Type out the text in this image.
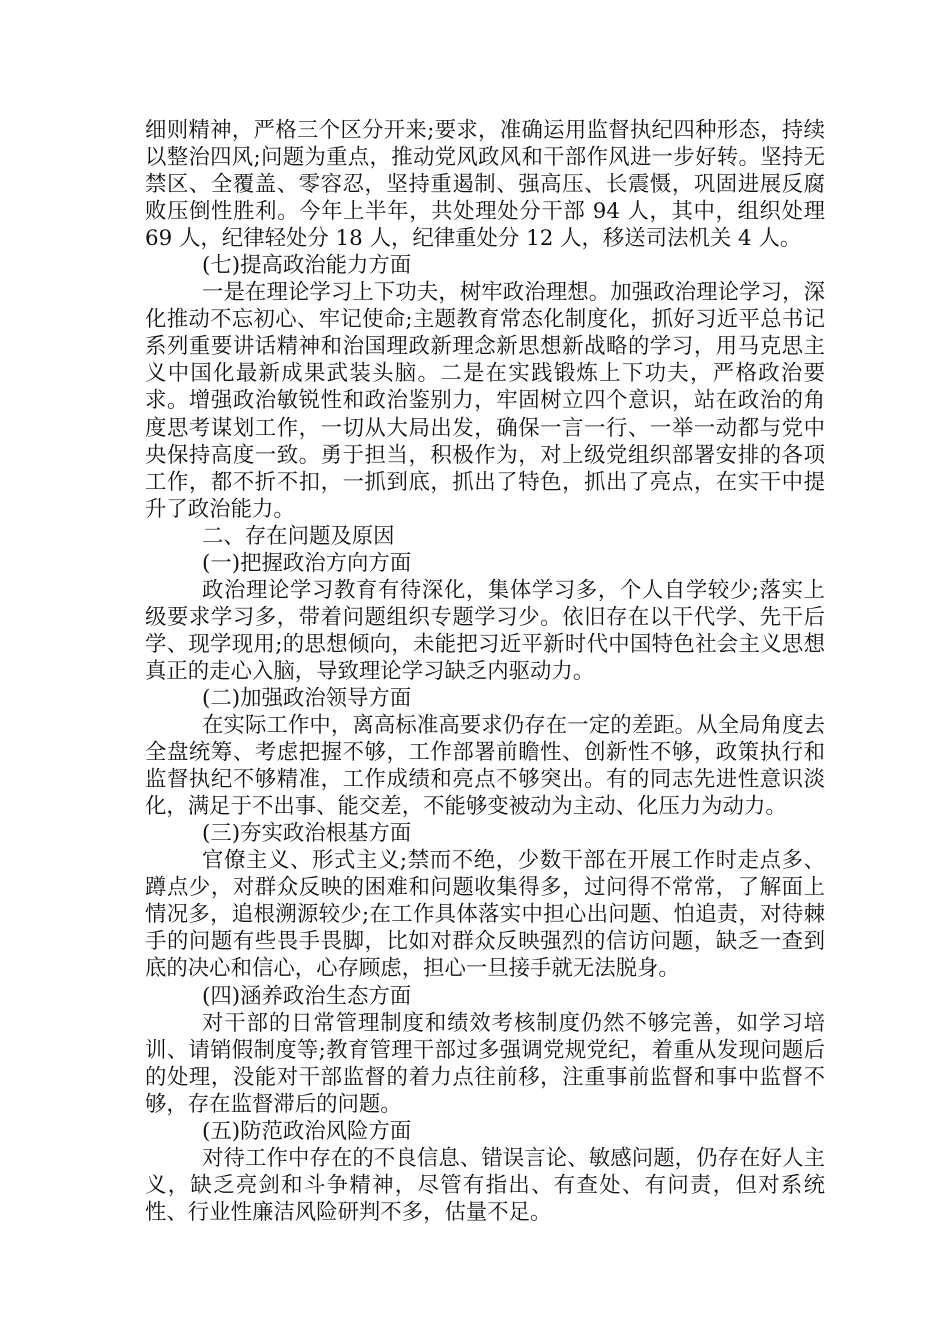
细则精神，严格三个区分开来;要求，准确运用监督执纪四种形态，持续以整治四风;问题为重点，推动党风政风和干部作风进一步好转。坚持无禁区、全覆盖、零容忍，坚持重遏制、强高压、长震慑，巩固进展反腐败压倒性胜利。今年上半年，共处理处分干部 94 人，其中，组织处理 69 人，纪律轻处分 18 人，纪律重处分 12 人，移送司法机关 4 人。

(七)提高政治能力方面

一是在理论学习上下功夫，树牢政治理想。加强政治理论学习，深化推动不忘初心、牢记使命;主题教育常态化制度化，抓好习近平总书记系列重要讲话精神和治国理政新理念新思想新战略的学习，用马克思主义中国化最新成果武装头脑。二是在实践锻炼上下功夫，严格政治要求。增强政治敏锐性和政治鉴别力，牢固树立四个意识，站在政治的角度思考谋划工作，一切从大局出发，确保一言一行、一举一动都与党中央保持高度一致。勇于担当，积极作为，对上级党组织部署安排的各项工作，都不折不扣，一抓到底，抓出了特色，抓出了亮点，在实干中提升了政治能力。

二、存在问题及原因

(一)把握政治方向方面

政治理论学习教育有待深化，集体学习多，个人自学较少;落实上级要求学习多，带着问题组织专题学习少。依旧存在以干代学、先干后学、现学现用;的思想倾向，未能把习近平新时代中国特色社会主义思想真正的走心入脑，导致理论学习缺乏内驱动力。

(二)加强政治领导方面

在实际工作中，离高标准高要求仍存在一定的差距。从全局角度去全盘统筹、考虑把握不够，工作部署前瞻性、创新性不够，政策执行和监督执纪不够精准，工作成绩和亮点不够突出。有的同志先进性意识淡化，满足于不出事、能交差，不能够变被动为主动、化压力为动力。

(三)夯实政治根基方面

官僚主义、形式主义;禁而不绝，少数干部在开展工作时走点多、蹲点少，对群众反映的困难和问题收集得多，过问得不常常，了解面上情况多，追根溯源较少;在工作具体落实中担心出问题、怕追责，对待棘手的问题有些畏手畏脚，比如对群众反映强烈的信访问题，缺乏一查到底的决心和信心，心存顾虑，担心一旦接手就无法脱身。

(四)涵养政治生态方面

对干部的日常管理制度和绩效考核制度仍然不够完善，如学习培训、请销假制度等;教育管理干部过多强调党规党纪，着重从发现问题后的处理，没能对干部监督的着力点往前移，注重事前监督和事中监督不够，存在监督滞后的问题。

(五)防范政治风险方面

对待工作中存在的不良信息、错误言论、敏感问题，仍存在好人主义，缺乏亮剑和斗争精神，尽管有指出、有查处、有问责，但对系统性、行业性廉洁风险研判不多，估量不足。
